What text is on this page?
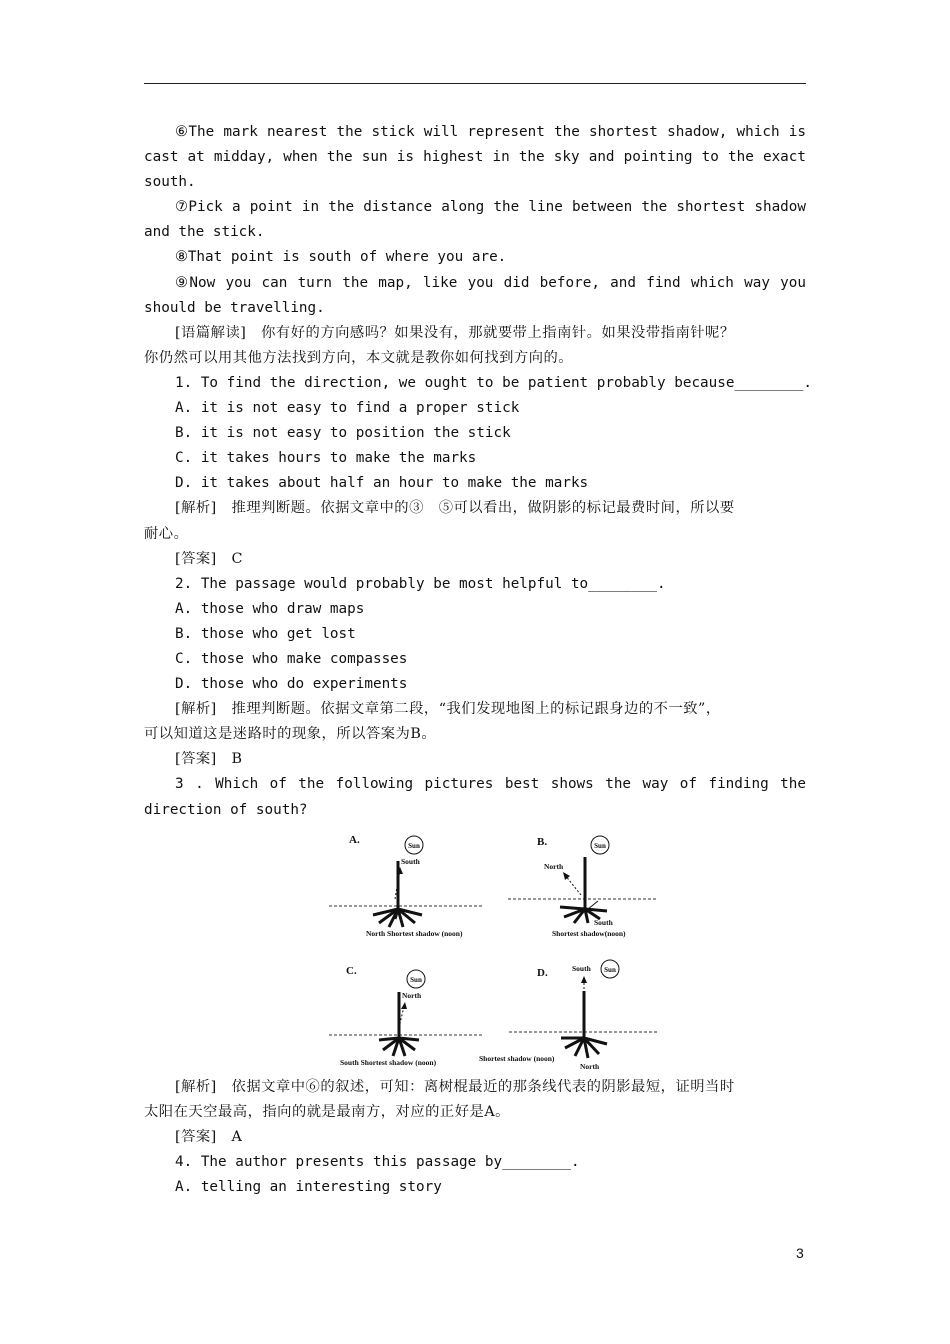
⑥The mark nearest the stick will represent the shortest shadow, which is
cast at midday, when the sun is highest in the sky and pointing to the exact
south.
⑦Pick a point in the distance along the line between the shortest shadow
and the stick.
⑧That point is south of where you are.
⑨Now you can turn the map, like you did before, and find which way you
should be travelling.
[语篇解读]　你有好的方向感吗？如果没有，那就要带上指南针。如果没带指南针呢？
你仍然可以用其他方法找到方向，本文就是教你如何找到方向的。
1. To find the direction, we ought to be patient probably because________.
A. it is not easy to find a proper stick
B. it is not easy to position the stick
C. it takes hours to make the marks
D. it takes about half an hour to make the marks
[解析]　推理判断题。依据文章中的③　⑤可以看出，做阴影的标记最费时间，所以要
耐心。
[答案]　C
2. The passage would probably be most helpful to________.
A. those who draw maps
B. those who get lost
C. those who make compasses
D. those who do experiments
[解析]　推理判断题。依据文章第二段，“我们发现地图上的标记跟身边的不一致”，
可以知道这是迷路时的现象，所以答案为B。
[答案]　B
3 . Which of the following pictures best shows the way of finding the
direction of south?
A.	Sun
South
North Shortest shadow (noon)
B.	Sun
North
South
Shortest shadow(noon)
C.
Sun
North
South Shortest shadow (noon)
D.	South Sun
Shortest shadow (noon)
North
[解析]　依据文章中⑥的叙述，可知：离树棍最近的那条线代表的阴影最短，证明当时
太阳在天空最高，指向的就是最南方，对应的正好是A。
[答案]　A
4. The author presents this passage by________.
A. telling an interesting story
3
